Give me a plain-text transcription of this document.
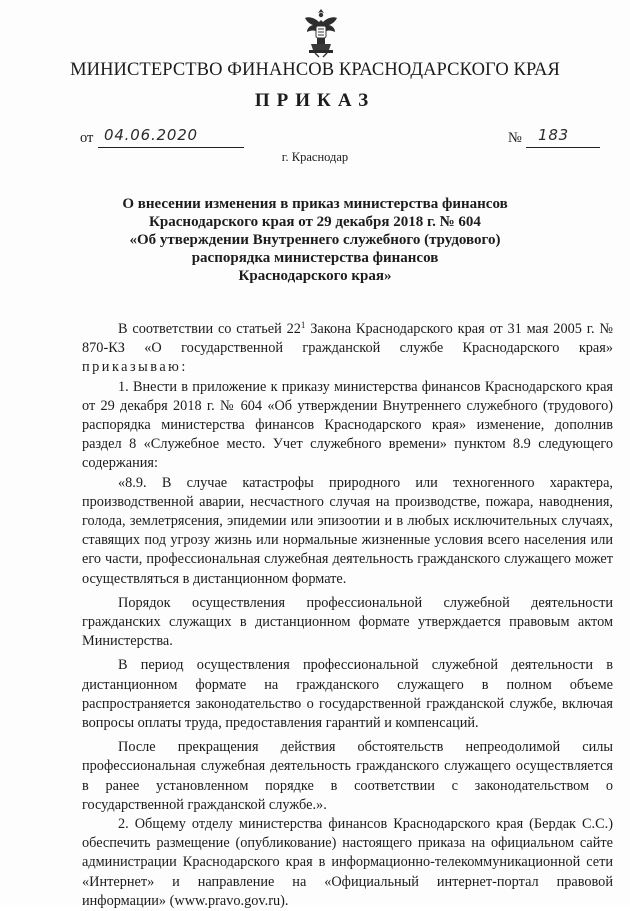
МИНИСТЕРСТВО ФИНАНСОВ КРАСНОДАРСКОГО КРАЯ
ПРИКАЗ
от 04.06.2020	№ 183
г. Краснодар
О внесении изменения в приказ министерства финансов
Краснодарского края от 29 декабря 2018 г. № 604
«Об утверждении Внутреннего служебного (трудового)
распорядка министерства финансов
Краснодарского края»

В соответствии со статьей $22^1$ Закона Краснодарского края от 31 мая 2005 г. № 870-КЗ «О государственной гражданской службе Краснодарского края» приказываю:

1. Внести в приложение к приказу министерства финансов Краснодарского края от 29 декабря 2018 г. № 604 «Об утверждении Внутреннего служебного (трудового) распорядка министерства финансов Краснодарского края» изменение, дополнив раздел 8 «Служебное место. Учет служебного времени» пунктом 8.9 следующего содержания:

«8.9. В случае катастрофы природного или техногенного характера, производственной аварии, несчастного случая на производстве, пожара, наводнения, голода, землетрясения, эпидемии или эпизоотии и в любых исключительных случаях, ставящих под угрозу жизнь или нормальные жизненные условия всего населения или его части, профессиональная служебная деятельность гражданского служащего может осуществляться в дистанционном формате.

Порядок осуществления профессиональной служебной деятельности гражданских служащих в дистанционном формате утверждается правовым актом Министерства.

В период осуществления профессиональной служебной деятельности в дистанционном формате на гражданского служащего в полном объеме распространяется законодательство о государственной гражданской службе, включая вопросы оплаты труда, предоставления гарантий и компенсаций.

После прекращения действия обстоятельств непреодолимой силы профессиональная служебная деятельность гражданского служащего осуществляется в ранее установленном порядке в соответствии с законодательством о государственной гражданской службе.».

2. Общему отделу министерства финансов Краснодарского края (Бердак С.С.) обеспечить размещение (опубликование) настоящего приказа на официальном сайте администрации Краснодарского края в информационно-телекоммуникационной сети «Интернет» и направление на «Официальный интернет-портал правовой информации» (www.pravo.gov.ru).
